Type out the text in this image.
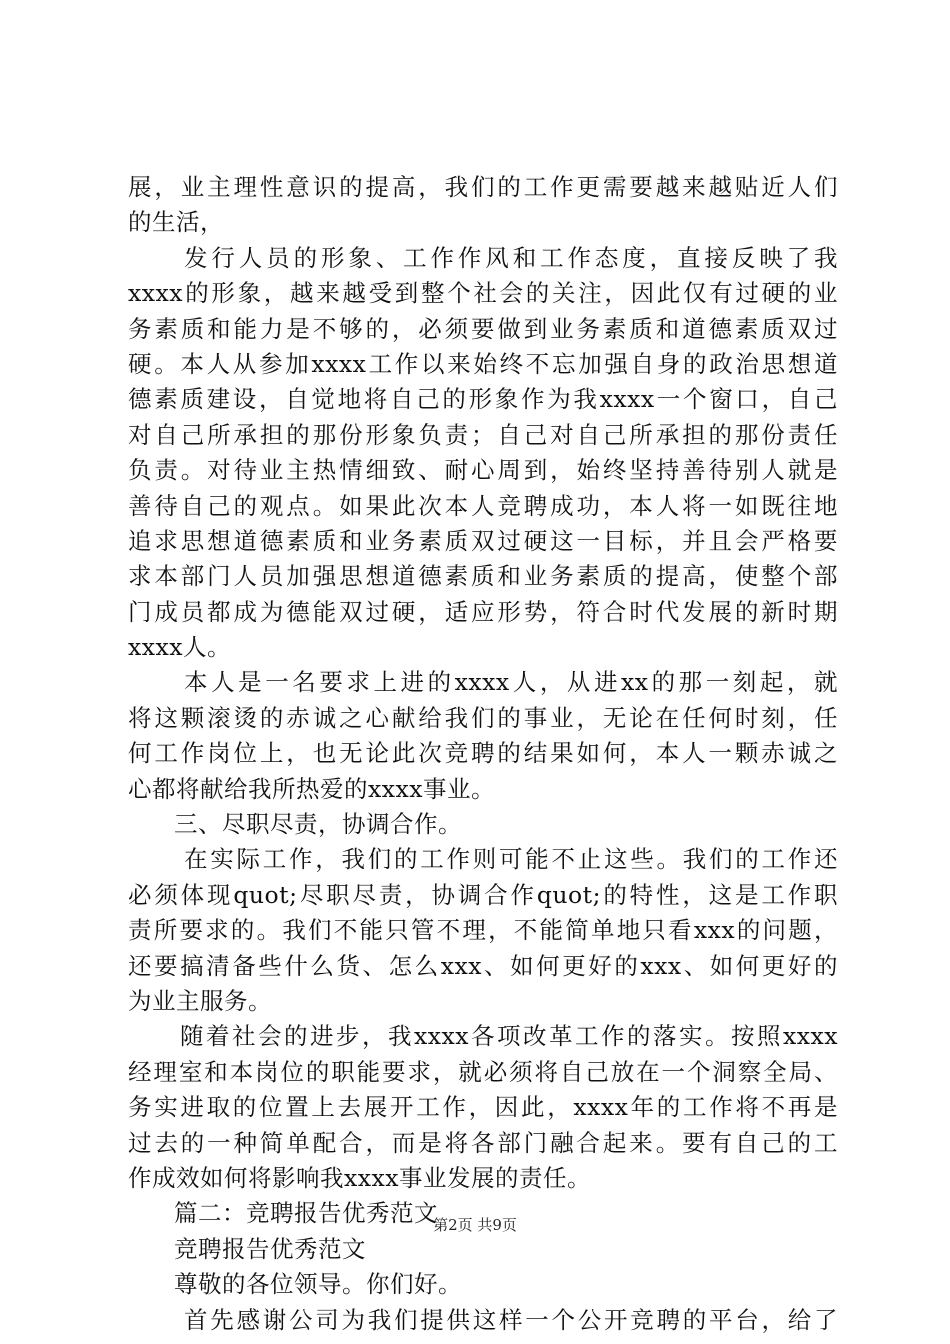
展，业主理性意识的提高，我们的工作更需要越来越贴近人们
的生活，
发行人员的形象、工作作风和工作态度，直接反映了我
xxxx的形象，越来越受到整个社会的关注，因此仅有过硬的业
务素质和能力是不够的，必须要做到业务素质和道德素质双过
硬。本人从参加xxxx工作以来始终不忘加强自身的政治思想道
德素质建设，自觉地将自己的形象作为我xxxx一个窗口，自己
对自己所承担的那份形象负责；自己对自己所承担的那份责任
负责。对待业主热情细致、耐心周到，始终坚持善待别人就是
善待自己的观点。如果此次本人竞聘成功，本人将一如既往地
追求思想道德素质和业务素质双过硬这一目标，并且会严格要
求本部门人员加强思想道德素质和业务素质的提高，使整个部
门成员都成为德能双过硬，适应形势，符合时代发展的新时期
xxxx人。
本人是一名要求上进的xxxx人，从进xx的那一刻起，就
将这颗滚烫的赤诚之心献给我们的事业，无论在任何时刻，任
何工作岗位上，也无论此次竞聘的结果如何，本人一颗赤诚之
心都将献给我所热爱的xxxx事业。
三、尽职尽责，协调合作。
在实际工作，我们的工作则可能不止这些。我们的工作还
必须体现quot;尽职尽责，协调合作quot;的特性，这是工作职
责所要求的。我们不能只管不理，不能简单地只看xxx的问题，
还要搞清备些什么货、怎么xxx、如何更好的xxx、如何更好的
为业主服务。
随着社会的进步，我xxxx各项改革工作的落实。按照xxxx
经理室和本岗位的职能要求，就必须将自己放在一个洞察全局、
务实进取的位置上去展开工作，因此，xxxx年的工作将不再是
过去的一种简单配合，而是将各部门融合起来。要有自己的工
作成效如何将影响我xxxx事业发展的责任。
篇二：竞聘报告优秀范文
竞聘报告优秀范文
尊敬的各位领导。你们好。
首先感谢公司为我们提供这样一个公开竞聘的平台，给了
第2页 共9页
